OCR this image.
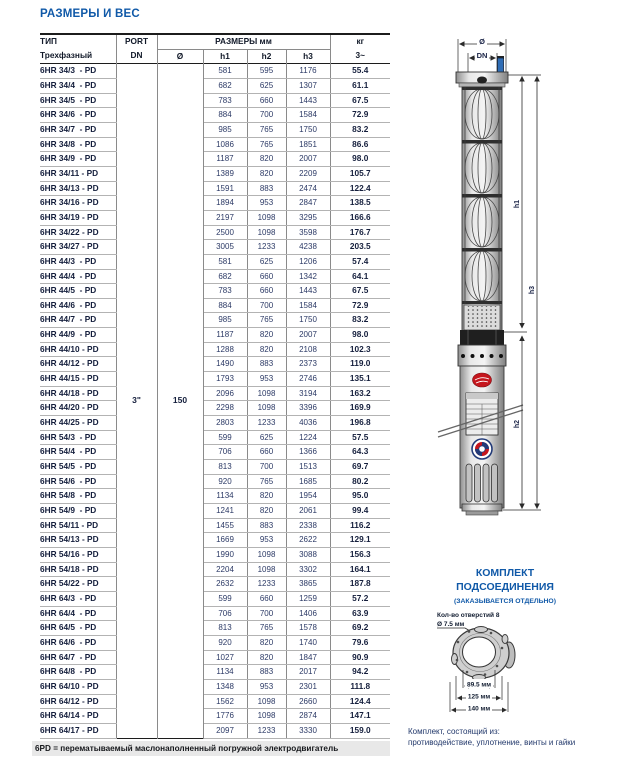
РАЗМЕРЫ И ВЕС
ТИП	PORT	РАЗМЕРЫ мм				кг
Трехфазный	DN	Ø	h1	h2	h3	3~
6HR 34/3  - PD	3"	150	581	595	1176	55.4
6HR 34/4  - PD			682	625	1307	61.1
6HR 34/5  - PD			783	660	1443	67.5
6HR 34/6  - PD			884	700	1584	72.9
6HR 34/7  - PD			985	765	1750	83.2
6HR 34/8  - PD			1086	765	1851	86.6
6HR 34/9  - PD			1187	820	2007	98.0
6HR 34/11 - PD			1389	820	2209	105.7
6HR 34/13 - PD			1591	883	2474	122.4
6HR 34/16 - PD			1894	953	2847	138.5
6HR 34/19 - PD			2197	1098	3295	166.6
6HR 34/22 - PD			2500	1098	3598	176.7
6HR 34/27 - PD			3005	1233	4238	203.5
6HR 44/3  - PD			581	625	1206	57.4
6HR 44/4  - PD			682	660	1342	64.1
6HR 44/5  - PD			783	660	1443	67.5
6HR 44/6  - PD			884	700	1584	72.9
6HR 44/7  - PD			985	765	1750	83.2
6HR 44/9  - PD			1187	820	2007	98.0
6HR 44/10 - PD			1288	820	2108	102.3
6HR 44/12 - PD			1490	883	2373	119.0
6HR 44/15 - PD			1793	953	2746	135.1
6HR 44/18 - PD			2096	1098	3194	163.2
6HR 44/20 - PD			2298	1098	3396	169.9
6HR 44/25 - PD			2803	1233	4036	196.8
6HR 54/3  - PD			599	625	1224	57.5
6HR 54/4  - PD			706	660	1366	64.3
6HR 54/5  - PD			813	700	1513	69.7
6HR 54/6  - PD			920	765	1685	80.2
6HR 54/8  - PD			1134	820	1954	95.0
6HR 54/9  - PD			1241	820	2061	99.4
6HR 54/11 - PD			1455	883	2338	116.2
6HR 54/13 - PD			1669	953	2622	129.1
6HR 54/16 - PD			1990	1098	3088	156.3
6HR 54/18 - PD			2204	1098	3302	164.1
6HR 54/22 - PD			2632	1233	3865	187.8
6HR 64/3  - PD			599	660	1259	57.2
6HR 64/4  - PD			706	700	1406	63.9
6HR 64/5  - PD			813	765	1578	69.2
6HR 64/6  - PD			920	820	1740	79.6
6HR 64/7  - PD			1027	820	1847	90.9
6HR 64/8  - PD			1134	883	2017	94.2
6HR 64/10 - PD			1348	953	2301	111.8
6HR 64/12 - PD			1562	1098	2660	124.4
6HR 64/14 - PD			1776	1098	2874	147.1
6HR 64/17 - PD			2097	1233	3330	159.0
6PD = перематываемый маслонаполненный погружной электродвигатель
Ø
DN
h1
h2
h3
КОМПЛЕКТ
ПОДСОЕДИНЕНИЯ
(ЗАКАЗЫВАЕТСЯ ОТДЕЛЬНО)
Кол-во отверстий 8
Ø 7.5 мм
89.5 мм
125 мм
140 мм
Комплект, состоящий из:
противодействие, уплотнение, винты и гайки
